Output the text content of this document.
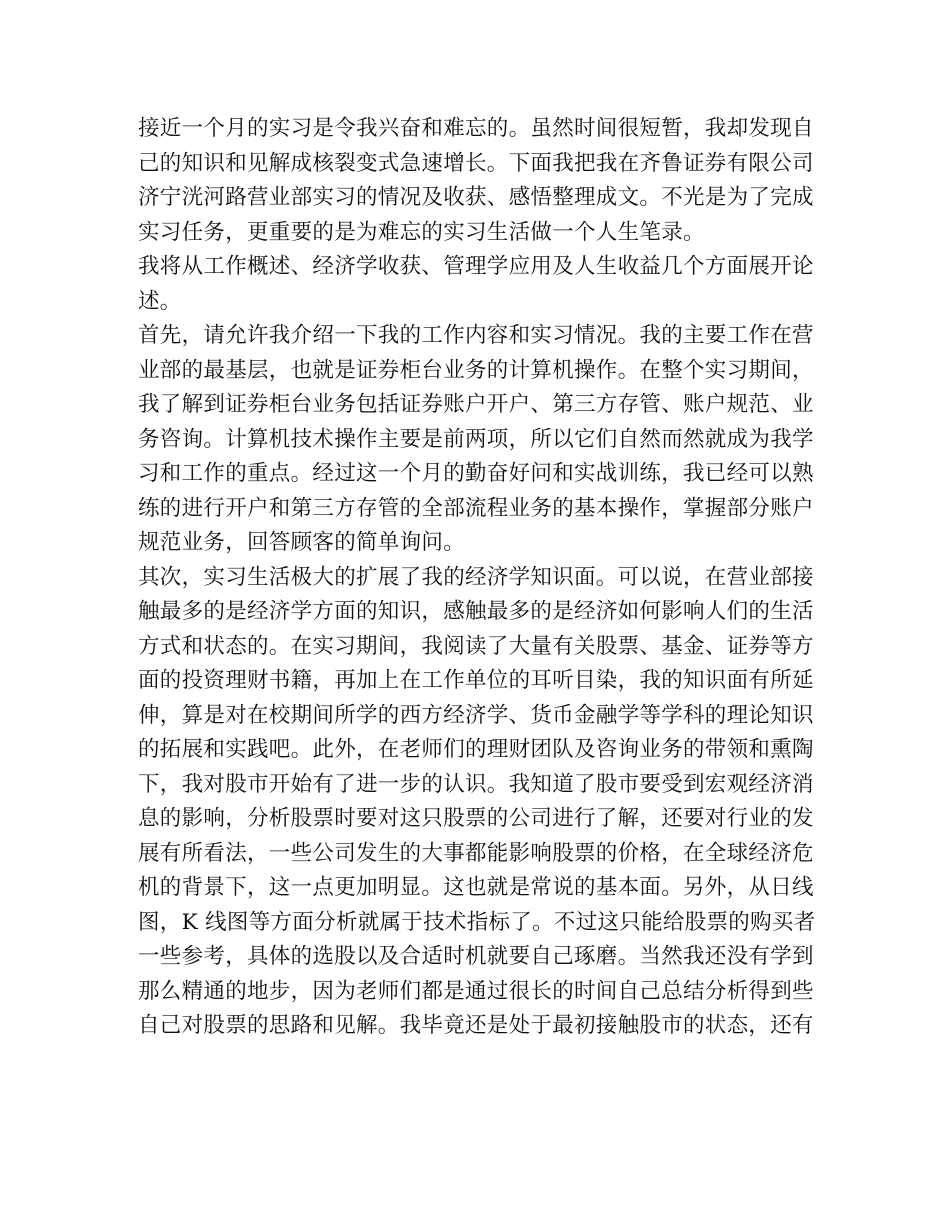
接近一个月的实习是令我兴奋和难忘的。虽然时间很短暂，我却发现自
己的知识和见解成核裂变式急速增长。下面我把我在齐鲁证券有限公司
济宁洸河路营业部实习的情况及收获、感悟整理成文。不光是为了完成
实习任务，更重要的是为难忘的实习生活做一个人生笔录。
我将从工作概述、经济学收获、管理学应用及人生收益几个方面展开论
述。
首先，请允许我介绍一下我的工作内容和实习情况。我的主要工作在营
业部的最基层，也就是证券柜台业务的计算机操作。在整个实习期间，
我了解到证券柜台业务包括证券账户开户、第三方存管、账户规范、业
务咨询。计算机技术操作主要是前两项，所以它们自然而然就成为我学
习和工作的重点。经过这一个月的勤奋好问和实战训练，我已经可以熟
练的进行开户和第三方存管的全部流程业务的基本操作，掌握部分账户
规范业务，回答顾客的简单询问。
其次，实习生活极大的扩展了我的经济学知识面。可以说，在营业部接
触最多的是经济学方面的知识，感触最多的是经济如何影响人们的生活
方式和状态的。在实习期间，我阅读了大量有关股票、基金、证券等方
面的投资理财书籍，再加上在工作单位的耳听目染，我的知识面有所延
伸，算是对在校期间所学的西方经济学、货币金融学等学科的理论知识
的拓展和实践吧。此外，在老师们的理财团队及咨询业务的带领和熏陶
下，我对股市开始有了进一步的认识。我知道了股市要受到宏观经济消
息的影响，分析股票时要对这只股票的公司进行了解，还要对行业的发
展有所看法，一些公司发生的大事都能影响股票的价格，在全球经济危
机的背景下，这一点更加明显。这也就是常说的基本面。另外，从日线
图，K 线图等方面分析就属于技术指标了。不过这只能给股票的购买者
一些参考，具体的选股以及合适时机就要自己琢磨。当然我还没有学到
那么精通的地步，因为老师们都是通过很长的时间自己总结分析得到些
自己对股票的思路和见解。我毕竟还是处于最初接触股市的状态，还有
